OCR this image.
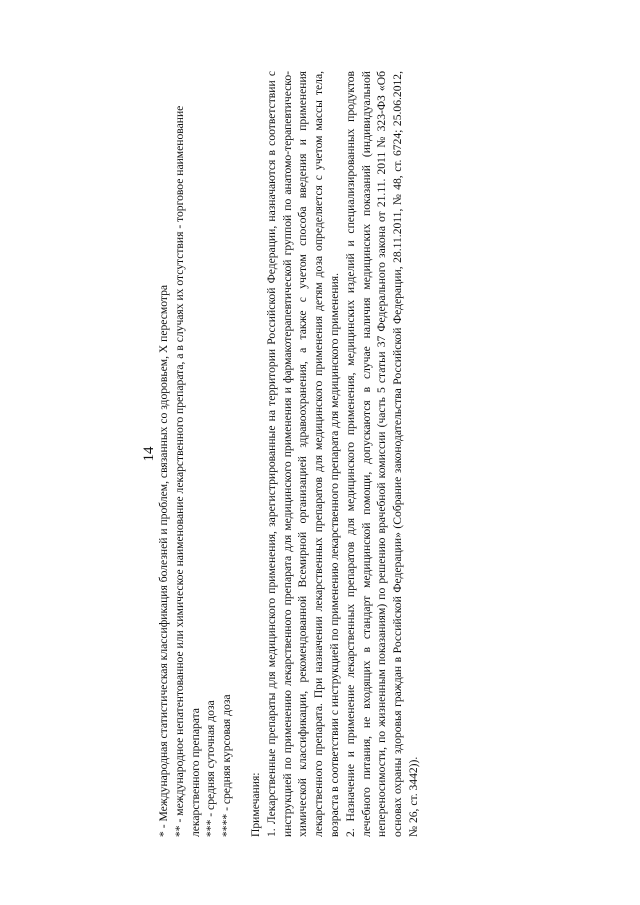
14 * - Международная статистическая классификация болезней и проблем, связанных со здоровьем, X пересмотра ** - международное непатентованное или химическое наименование лекарственного препарата, а в случаях их отсутствия - торговое наименование лекарственного препарата *** - средняя суточная доза **** - средняя курсовая доза Примечания: 1. Лекарственные препараты для медицинского применения, зарегистрированные на территории Российской Федерации, назначаются в соответствии с инструкцией по применению лекарственного препарата для медицинского применения и фармакотерапевтической группой по анатомо-терапевтическо-химической классификации, рекомендованной Всемирной организацией здравоохранения, а также с учетом способа введения и применения лекарственного препарата. При назначении лекарственных препаратов для медицинского применения детям доза определяется с учетом массы тела, возраста в соответствии с инструкцией по применению лекарственного препарата для медицинского применения. 2. Назначение и применение лекарственных препаратов для медицинского применения, медицинских изделий и специализированных продуктов лечебного питания, не входящих в стандарт медицинской помощи, допускаются в случае наличия медицинских показаний (индивидуальной непереносимости, по жизненным показаниям) по решению врачебной комиссии (часть 5 статьи 37 Федерального закона от 21.11. 2011 № 323-ФЗ «Об основах охраны здоровья граждан в Российской Федерации» (Собрание законодательства Российской Федерации, 28.11.2011, № 48, ст. 6724; 25.06.2012, № 26, ст. 3442)).
